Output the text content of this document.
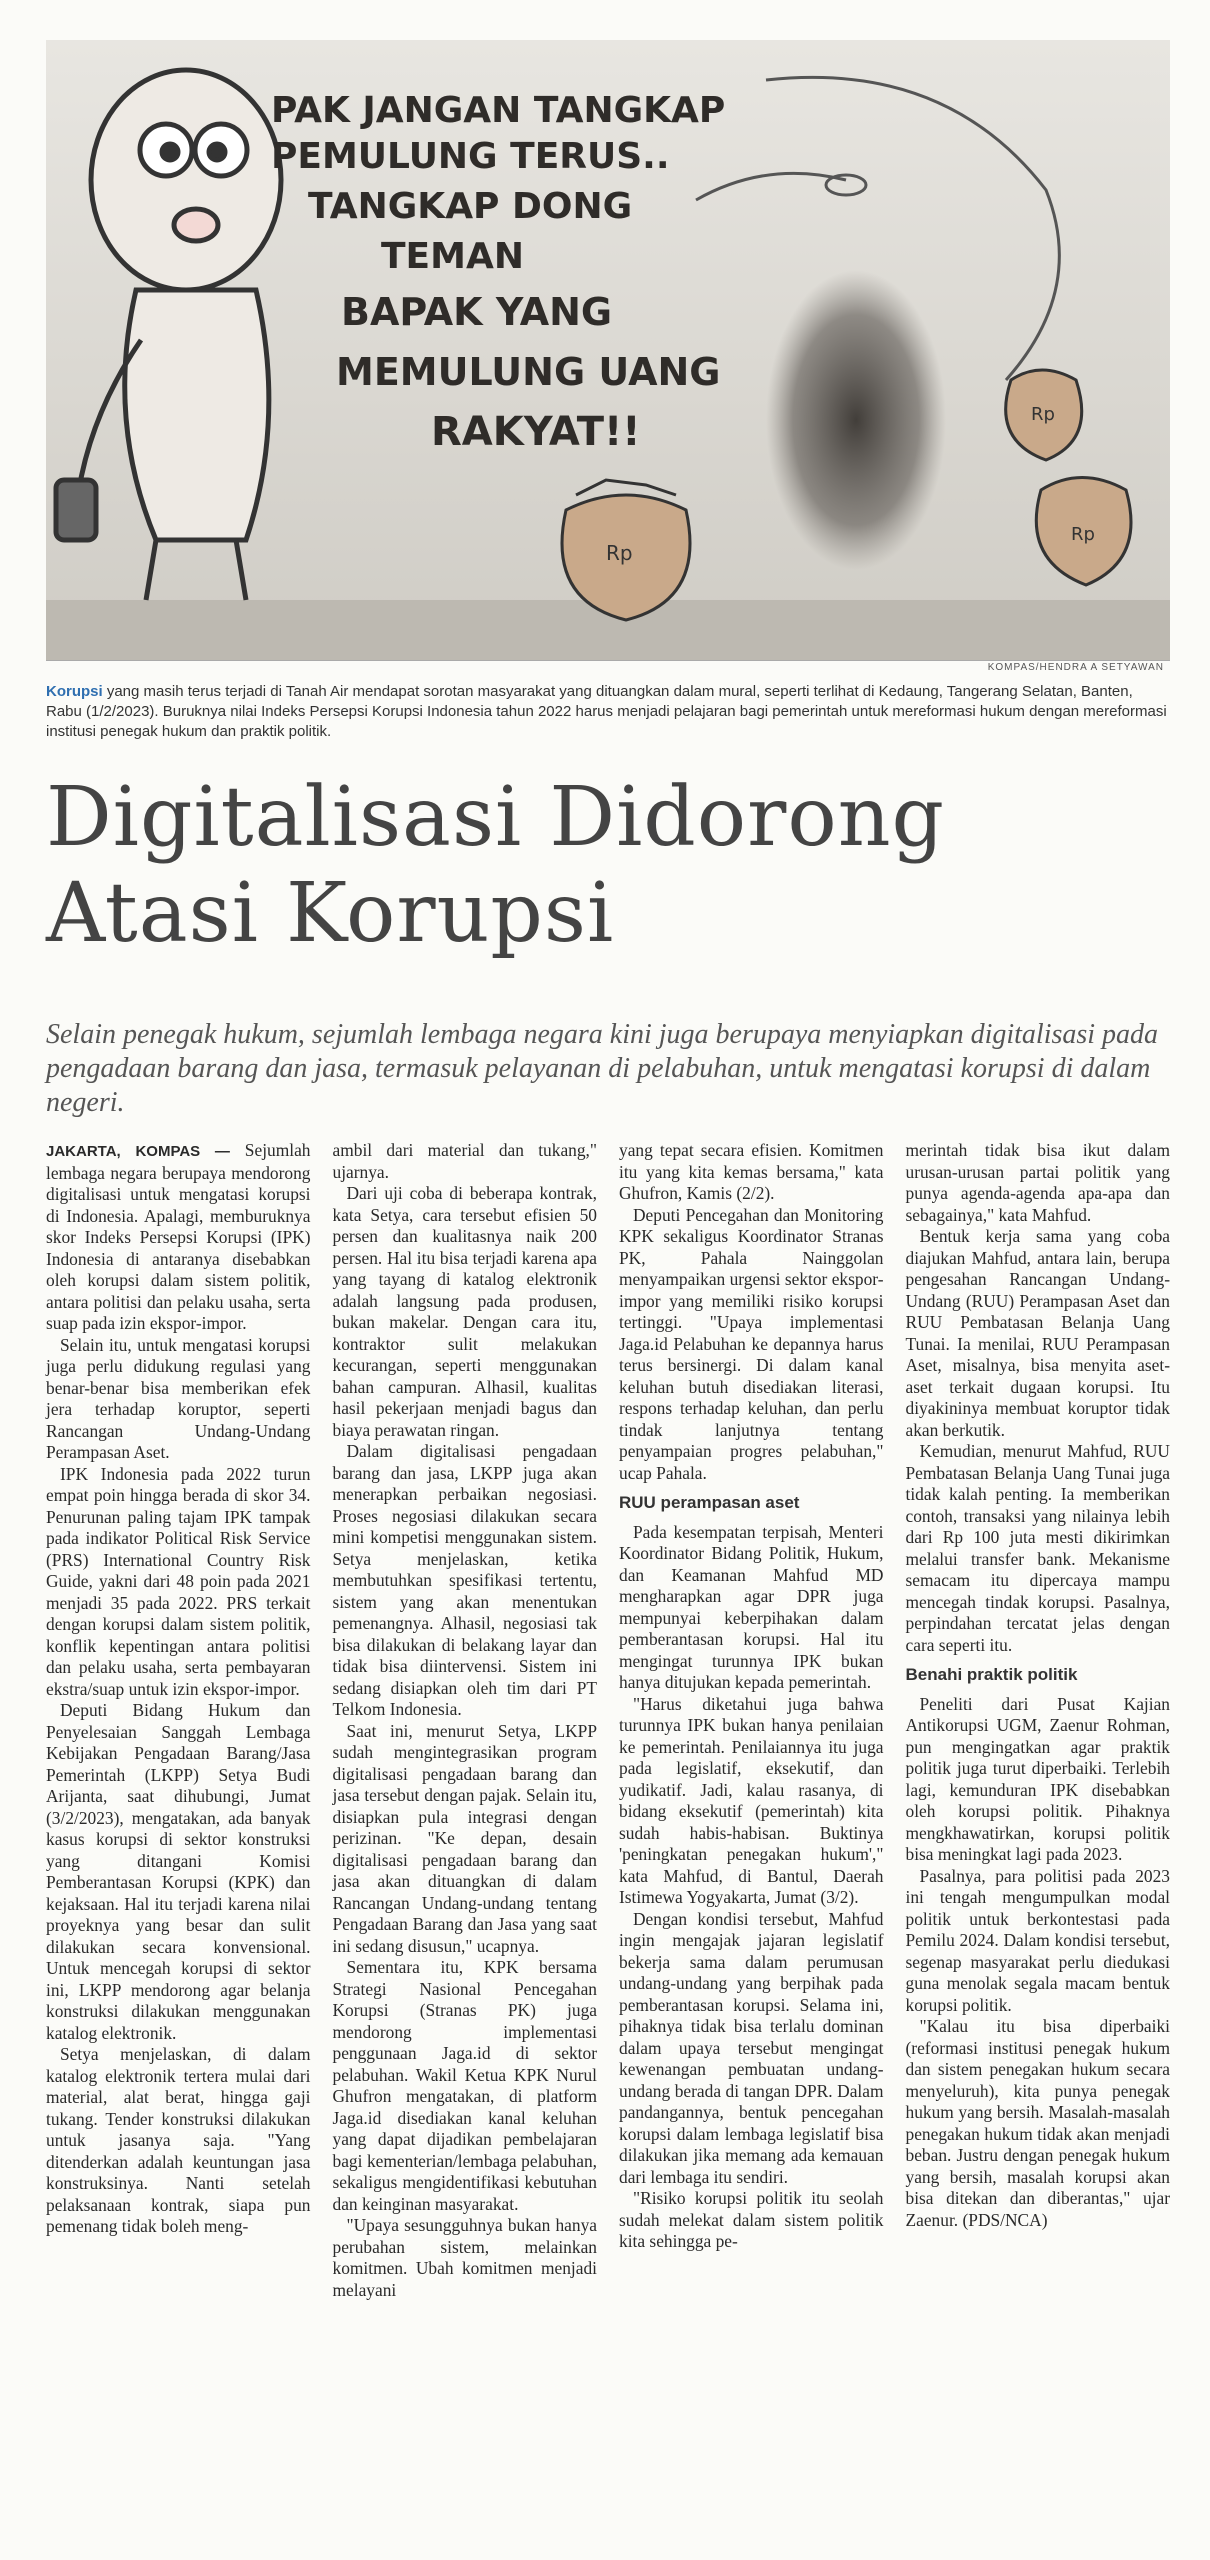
PAK JANGAN TANGKAP
PEMULUNG TERUS..
TANGKAP DONG
TEMAN
BAPAK YANG
MEMULUNG UANG
RAKYAT!!
Rp
Rp
Rp
KOMPAS/HENDRA A SETYAWAN
Korupsi yang masih terus terjadi di Tanah Air mendapat sorotan masyarakat yang dituangkan dalam mural, seperti terlihat di Kedaung, Tangerang Selatan, Banten, Rabu (1/2/2023). Buruknya nilai Indeks Persepsi Korupsi Indonesia tahun 2022 harus menjadi pelajaran bagi pemerintah untuk mereformasi hukum dengan mereformasi institusi penegak hukum dan praktik politik.
Digitalisasi Didorong
Atasi Korupsi
Selain penegak hukum, sejumlah lembaga negara kini juga berupaya menyiapkan digitalisasi pada pengadaan barang dan jasa, termasuk pelayanan di pelabuhan, untuk mengatasi korupsi di dalam negeri.

JAKARTA, KOMPAS — Sejumlah lembaga negara berupaya mendorong digitalisasi untuk mengatasi korupsi di Indonesia. Apalagi, memburuknya skor Indeks Persepsi Korupsi (IPK) Indonesia di antaranya disebabkan oleh korupsi dalam sistem politik, antara politisi dan pelaku usaha, serta suap pada izin ekspor-impor.

Selain itu, untuk mengatasi korupsi juga perlu didukung regulasi yang benar-benar bisa memberikan efek jera terhadap koruptor, seperti Rancangan Undang-Undang Perampasan Aset.

IPK Indonesia pada 2022 turun empat poin hingga berada di skor 34. Penurunan paling tajam IPK tampak pada indikator Political Risk Service (PRS) International Country Risk Guide, yakni dari 48 poin pada 2021 menjadi 35 pada 2022. PRS terkait dengan korupsi dalam sistem politik, konflik kepentingan antara politisi dan pelaku usaha, serta pembayaran ekstra/suap untuk izin ekspor-impor.

Deputi Bidang Hukum dan Penyelesaian Sanggah Lembaga Kebijakan Pengadaan Barang/Jasa Pemerintah (LKPP) Setya Budi Arijanta, saat dihubungi, Jumat (3/2/2023), mengatakan, ada banyak kasus korupsi di sektor konstruksi yang ditangani Komisi Pemberantasan Korupsi (KPK) dan kejaksaan. Hal itu terjadi karena nilai proyeknya yang besar dan sulit dilakukan secara konvensional. Untuk mencegah korupsi di sektor ini, LKPP mendorong agar belanja konstruksi dilakukan menggunakan katalog elektronik.

Setya menjelaskan, di dalam katalog elektronik tertera mulai dari material, alat berat, hingga gaji tukang. Tender konstruksi dilakukan untuk jasanya saja. "Yang ditenderkan adalah keuntungan jasa konstruksinya. Nanti setelah pelaksanaan kontrak, siapa pun pemenang tidak boleh meng-

ambil dari material dan tukang," ujarnya.

Dari uji coba di beberapa kontrak, kata Setya, cara tersebut efisien 50 persen dan kualitasnya naik 200 persen. Hal itu bisa terjadi karena apa yang tayang di katalog elektronik adalah langsung pada produsen, bukan makelar. Dengan cara itu, kontraktor sulit melakukan kecurangan, seperti menggunakan bahan campuran. Alhasil, kualitas hasil pekerjaan menjadi bagus dan biaya perawatan ringan.

Dalam digitalisasi pengadaan barang dan jasa, LKPP juga akan menerapkan perbaikan negosiasi. Proses negosiasi dilakukan secara mini kompetisi menggunakan sistem. Setya menjelaskan, ketika membutuhkan spesifikasi tertentu, sistem yang akan menentukan pemenangnya. Alhasil, negosiasi tak bisa dilakukan di belakang layar dan tidak bisa diintervensi. Sistem ini sedang disiapkan oleh tim dari PT Telkom Indonesia.

Saat ini, menurut Setya, LKPP sudah mengintegrasikan program digitalisasi pengadaan barang dan jasa tersebut dengan pajak. Selain itu, disiapkan pula integrasi dengan perizinan. "Ke depan, desain digitalisasi pengadaan barang dan jasa akan dituangkan di dalam Rancangan Undang-undang tentang Pengadaan Barang dan Jasa yang saat ini sedang disusun," ucapnya.

Sementara itu, KPK bersama Strategi Nasional Pencegahan Korupsi (Stranas PK) juga mendorong implementasi penggunaan Jaga.id di sektor pelabuhan. Wakil Ketua KPK Nurul Ghufron mengatakan, di platform Jaga.id disediakan kanal keluhan yang dapat dijadikan pembelajaran bagi kementerian/lembaga pelabuhan, sekaligus mengidentifikasi kebutuhan dan keinginan masyarakat.

"Upaya sesungguhnya bukan hanya perubahan sistem, melainkan komitmen. Ubah komitmen menjadi melayani

yang tepat secara efisien. Komitmen itu yang kita kemas bersama," kata Ghufron, Kamis (2/2).

Deputi Pencegahan dan Monitoring KPK sekaligus Koordinator Stranas PK, Pahala Nainggolan menyampaikan urgensi sektor ekspor-impor yang memiliki risiko korupsi tertinggi. "Upaya implementasi Jaga.id Pelabuhan ke depannya harus terus bersinergi. Di dalam kanal keluhan butuh disediakan literasi, respons terhadap keluhan, dan perlu tindak lanjutnya tentang penyampaian progres pelabuhan," ucap Pahala.

RUU perampasan aset

Pada kesempatan terpisah, Menteri Koordinator Bidang Politik, Hukum, dan Keamanan Mahfud MD mengharapkan agar DPR juga mempunyai keberpihakan dalam pemberantasan korupsi. Hal itu mengingat turunnya IPK bukan hanya ditujukan kepada pemerintah.

"Harus diketahui juga bahwa turunnya IPK bukan hanya penilaian ke pemerintah. Penilaiannya itu juga pada legislatif, eksekutif, dan yudikatif. Jadi, kalau rasanya, di bidang eksekutif (pemerintah) kita sudah habis-habisan. Buktinya 'peningkatan penegakan hukum'," kata Mahfud, di Bantul, Daerah Istimewa Yogyakarta, Jumat (3/2).

Dengan kondisi tersebut, Mahfud ingin mengajak jajaran legislatif bekerja sama dalam perumusan undang-undang yang berpihak pada pemberantasan korupsi. Selama ini, pihaknya tidak bisa terlalu dominan dalam upaya tersebut mengingat kewenangan pembuatan undang-undang berada di tangan DPR. Dalam pandangannya, bentuk pencegahan korupsi dalam lembaga legislatif bisa dilakukan jika memang ada kemauan dari lembaga itu sendiri.

"Risiko korupsi politik itu seolah sudah melekat dalam sistem politik kita sehingga pe-

merintah tidak bisa ikut dalam urusan-urusan partai politik yang punya agenda-agenda apa-apa dan sebagainya," kata Mahfud.

Bentuk kerja sama yang coba diajukan Mahfud, antara lain, berupa pengesahan Rancangan Undang-Undang (RUU) Perampasan Aset dan RUU Pembatasan Belanja Uang Tunai. Ia menilai, RUU Perampasan Aset, misalnya, bisa menyita aset-aset terkait dugaan korupsi. Itu diyakininya membuat koruptor tidak akan berkutik.

Kemudian, menurut Mahfud, RUU Pembatasan Belanja Uang Tunai juga tidak kalah penting. Ia memberikan contoh, transaksi yang nilainya lebih dari Rp 100 juta mesti dikirimkan melalui transfer bank. Mekanisme semacam itu dipercaya mampu mencegah tindak korupsi. Pasalnya, perpindahan tercatat jelas dengan cara seperti itu.

Benahi praktik politik

Peneliti dari Pusat Kajian Antikorupsi UGM, Zaenur Rohman, pun mengingatkan agar praktik politik juga turut diperbaiki. Terlebih lagi, kemunduran IPK disebabkan oleh korupsi politik. Pihaknya mengkhawatirkan, korupsi politik bisa meningkat lagi pada 2023.

Pasalnya, para politisi pada 2023 ini tengah mengumpulkan modal politik untuk berkontestasi pada Pemilu 2024. Dalam kondisi tersebut, segenap masyarakat perlu diedukasi guna menolak segala macam bentuk korupsi politik.

"Kalau itu bisa diperbaiki (reformasi institusi penegak hukum dan sistem penegakan hukum secara menyeluruh), kita punya penegak hukum yang bersih. Masalah-masalah penegakan hukum tidak akan menjadi beban. Justru dengan penegak hukum yang bersih, masalah korupsi akan bisa ditekan dan diberantas," ujar Zaenur. (PDS/NCA)
